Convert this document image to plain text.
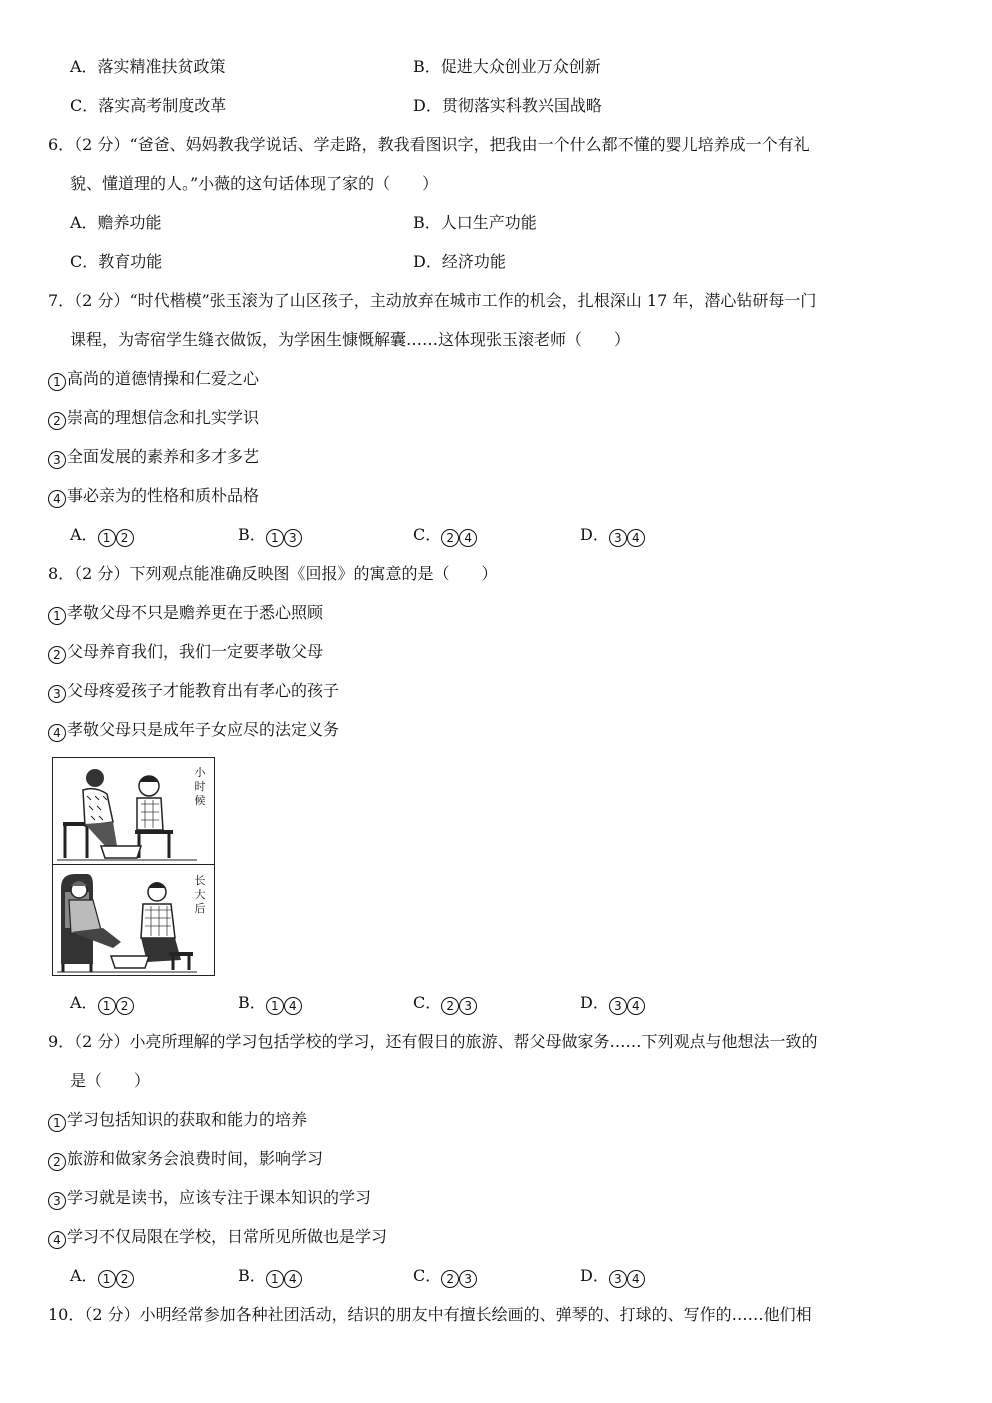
A．落实精准扶贫政策	B．促进大众创业万众创新
C．落实高考制度改革	D．贯彻落实科教兴国战略
6．（2 分）“爸爸、妈妈教我学说话、学走路，教我看图识字，把我由一个什么都不懂的婴儿培养成一个有礼
貌、懂道理的人。”小薇的这句话体现了家的（　　）
A．赡养功能	B．人口生产功能
C．教育功能	D．经济功能
7．（2 分）“时代楷模”张玉滚为了山区孩子，主动放弃在城市工作的机会，扎根深山 17 年，潜心钻研每一门
课程，为寄宿学生缝衣做饭，为学困生慷慨解囊……这体现张玉滚老师（　　）
1 高尚的道德情操和仁爱之心
2 崇高的理想信念和扎实学识
3 全面发展的素养和多才多艺
4 事必亲为的性格和质朴品格
A． 1 2	B． 1 3	C． 2 4	D． 3 4
8．（2 分）下列观点能准确反映图《回报》的寓意的是（　　）
1 孝敬父母不只是赡养更在于悉心照顾
2 父母养育我们，我们一定要孝敬父母
3 父母疼爱孩子才能教育出有孝心的孩子
4 孝敬父母只是成年子女应尽的法定义务
小时候
长大后
A． 1 2	B． 1 4	C． 2 3	D． 3 4
9．（2 分）小亮所理解的学习包括学校的学习，还有假日的旅游、帮父母做家务……下列观点与他想法一致的
是（　　）
1 学习包括知识的获取和能力的培养
2 旅游和做家务会浪费时间，影响学习
3 学习就是读书，应该专注于课本知识的学习
4 学习不仅局限在学校，日常所见所做也是学习
A． 1 2	B． 1 4	C． 2 3	D． 3 4
10．（2 分）小明经常参加各种社团活动，结识的朋友中有擅长绘画的、弹琴的、打球的、写作的……他们相
